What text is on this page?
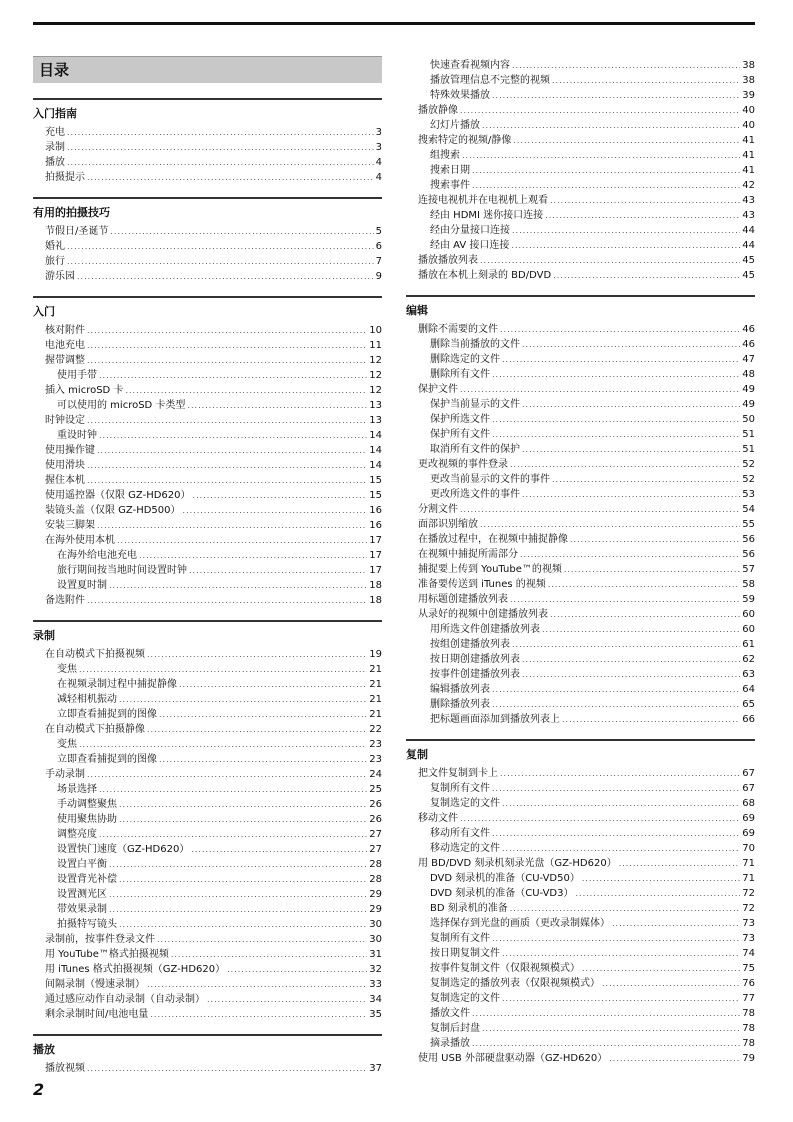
目录
入门指南
充电 .....	3
录制 .....	3
播放 .....	4
拍摄提示 .....	4
有用的拍摄技巧
节假日/圣诞节 .....	5
婚礼 .....	6
旅行 .....	7
游乐园 .....	9
入门
核对附件 .....	10
电池充电 .....	11
握带调整 .....	12
使用手带 .....	12
插入 microSD 卡 .....	12
可以使用的 microSD 卡类型 .....	13
时钟设定 .....	13
重设时钟 .....	14
使用操作键 .....	14
使用滑块 .....	14
握住本机 .....	15
使用遥控器（仅限 GZ-HD620） .....	15
装镜头盖（仅限 GZ-HD500） .....	16
安装三脚架 .....	16
在海外使用本机 .....	17
在海外给电池充电 .....	17
旅行期间按当地时间设置时钟 .....	17
设置夏时制 .....	18
备选附件 .....	18
录制
在自动模式下拍摄视频 .....	19
变焦 .....	21
在视频录制过程中捕捉静像 .....	21
减轻相机振动 .....	21
立即查看捕捉到的图像 .....	21
在自动模式下拍摄静像 .....	22
变焦 .....	23
立即查看捕捉到的图像 .....	23
手动录制 .....	24
场景选择 .....	25
手动调整聚焦 .....	26
使用聚焦协助 .....	26
调整亮度 .....	27
设置快门速度（GZ-HD620） .....	27
设置白平衡 .....	28
设置背光补偿 .....	28
设置测光区 .....	29
带效果录制 .....	29
拍摄特写镜头 .....	30
录制前，按事件登录文件 .....	30
用 YouTube™格式拍摄视频 .....	31
用 iTunes 格式拍摄视频（GZ-HD620） .....	32
间隔录制（慢速录制） .....	33
通过感应动作自动录制（自动录制） .....	34
剩余录制时间/电池电量 .....	35
播放
播放视频 .....	37
快速查看视频内容 .....	38
播放管理信息不完整的视频 .....	38
特殊效果播放 .....	39
播放静像 .....	40
幻灯片播放 .....	40
搜索特定的视频/静像 .....	41
组搜索 .....	41
搜索日期 .....	41
搜索事件 .....	42
连接电视机并在电视机上观看 .....	43
经由 HDMI 迷你接口连接 .....	43
经由分量接口连接 .....	44
经由 AV 接口连接 .....	44
播放播放列表 .....	45
播放在本机上刻录的 BD/DVD .....	45
编辑
删除不需要的文件 .....	46
删除当前播放的文件 .....	46
删除选定的文件 .....	47
删除所有文件 .....	48
保护文件 .....	49
保护当前显示的文件 .....	49
保护所选文件 .....	50
保护所有文件 .....	51
取消所有文件的保护 .....	51
更改视频的事件登录 .....	52
更改当前显示的文件的事件 .....	52
更改所选文件的事件 .....	53
分割文件 .....	54
面部识别缩放 .....	55
在播放过程中，在视频中捕捉静像 .....	56
在视频中捕捉所需部分 .....	56
捕捉要上传到 YouTube™的视频 .....	57
准备要传送到 iTunes 的视频 .....	58
用标题创建播放列表 .....	59
从录好的视频中创建播放列表 .....	60
用所选文件创建播放列表 .....	60
按组创建播放列表 .....	61
按日期创建播放列表 .....	62
按事件创建播放列表 .....	63
编辑播放列表 .....	64
删除播放列表 .....	65
把标题画面添加到播放列表上 .....	66
复制
把文件复制到卡上 .....	67
复制所有文件 .....	67
复制选定的文件 .....	68
移动文件 .....	69
移动所有文件 .....	69
移动选定的文件 .....	70
用 BD/DVD 刻录机刻录光盘（GZ-HD620） .....	71
DVD 刻录机的准备（CU-VD50） .....	71
DVD 刻录机的准备（CU-VD3） .....	72
BD 刻录机的准备 .....	72
选择保存到光盘的画质（更改录制媒体） .....	73
复制所有文件 .....	73
按日期复制文件 .....	74
按事件复制文件（仅限视频模式） .....	75
复制选定的播放列表（仅限视频模式） .....	76
复制选定的文件 .....	77
播放文件 .....	78
复制后封盘 .....	78
摘录播放 .....	78
使用 USB 外部硬盘驱动器（GZ-HD620） .....	79
2
